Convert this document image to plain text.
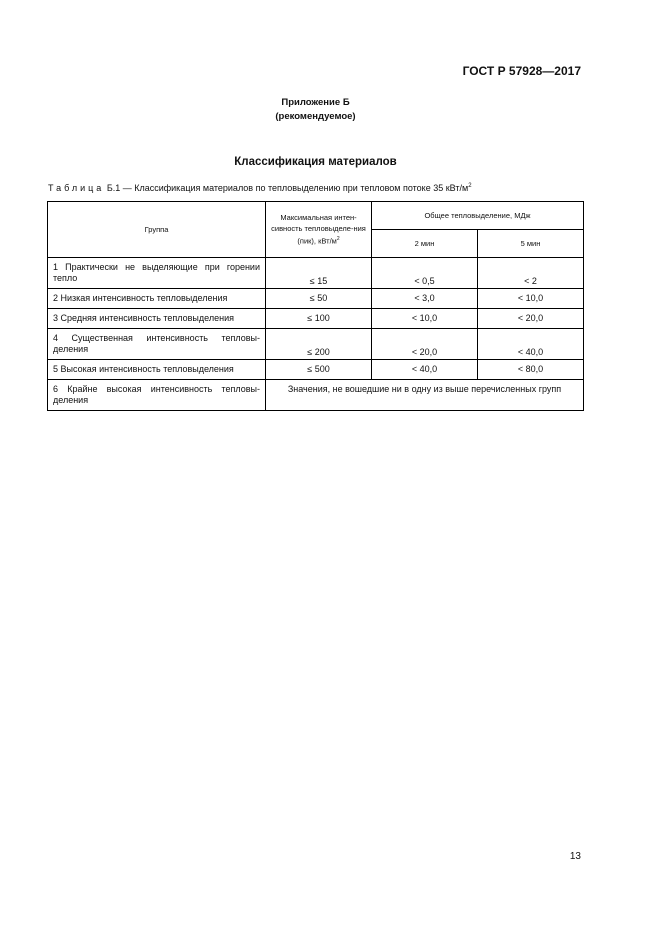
ГОСТ Р 57928—2017
Приложение Б
(рекомендуемое)
Классификация материалов
Таблица Б.1 — Классификация материалов по тепловыделению при тепловом потоке 35 кВт/$м^2$
Группа	Максимальная интен-сивность тепловыделе-ния (пик), кВт/$м^2$	Общее тепловыделение, МДж	
		2 мин	5 мин
1 Практически не выделяющие при горении тепло	≤ 15	< 0,5	< 2
2 Низкая интенсивность тепловыделения	≤ 50	< 3,0	< 10,0
3 Средняя интенсивность тепловыделения	≤ 100	< 10,0	< 20,0
4 Существенная интенсивность тепловы-деления	≤ 200	< 20,0	< 40,0
5 Высокая интенсивность тепловыделения	≤ 500	< 40,0	< 80,0
6 Крайне высокая интенсивность тепловы-деления	Значения, не вошедшие ни в одну из выше перечисленных групп		
13
